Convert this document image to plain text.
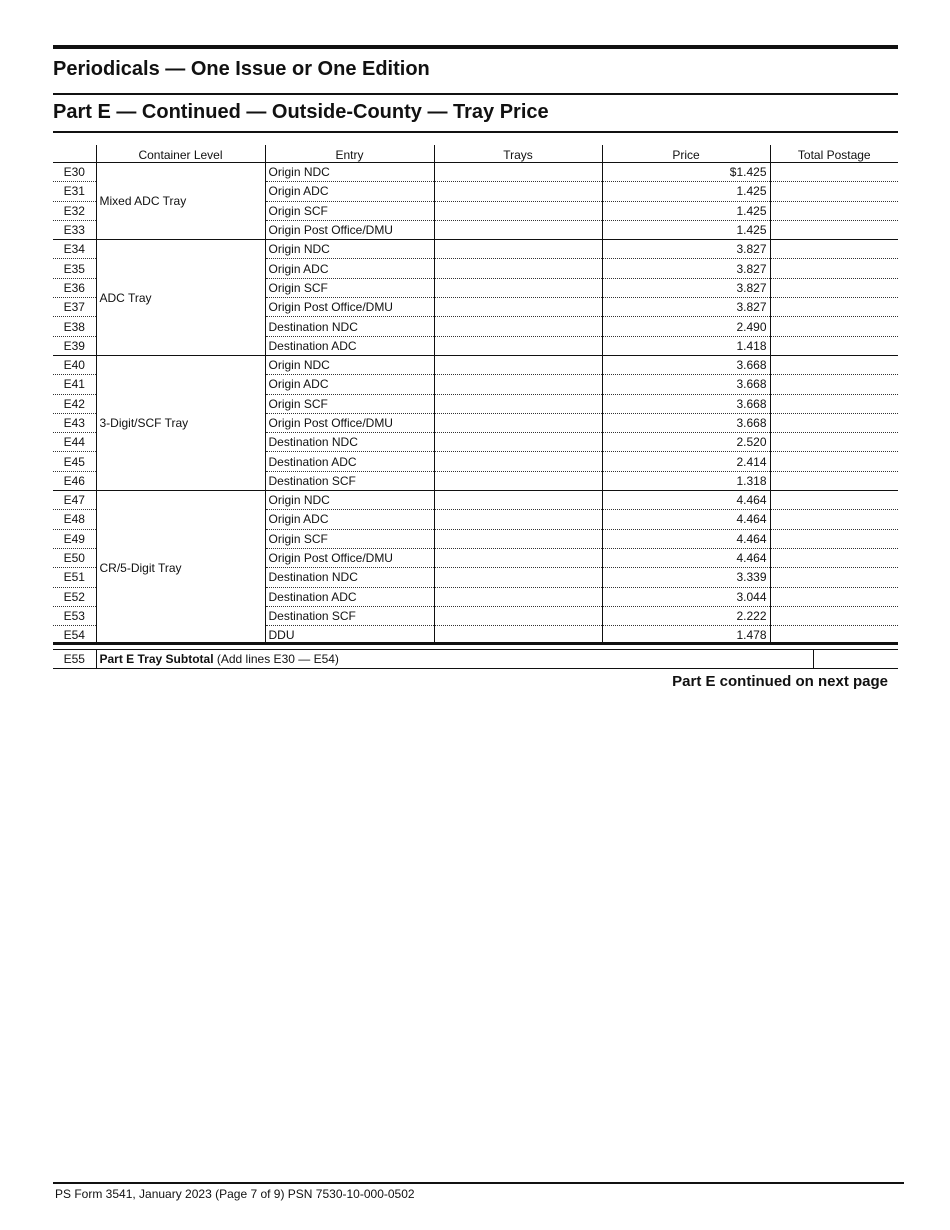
Periodicals — One Issue or One Edition
Part E — Continued — Outside-County — Tray Price
	Container Level	Entry	Trays	Price	Total Postage
E30	Mixed ADC Tray	Origin NDC		$1.425	
E31		Origin ADC		1.425	
E32		Origin SCF		1.425	
E33		Origin Post Office/DMU		1.425	
E34	ADC Tray	Origin NDC		3.827	
E35		Origin ADC		3.827	
E36		Origin SCF		3.827	
E37		Origin Post Office/DMU		3.827	
E38		Destination NDC		2.490	
E39		Destination ADC		1.418	
E40	3-Digit/SCF Tray	Origin NDC		3.668	
E41		Origin ADC		3.668	
E42		Origin SCF		3.668	
E43		Origin Post Office/DMU		3.668	
E44		Destination NDC		2.520	
E45		Destination ADC		2.414	
E46		Destination SCF		1.318	
E47	CR/5-Digit Tray	Origin NDC		4.464	
E48		Origin ADC		4.464	
E49		Origin SCF		4.464	
E50		Origin Post Office/DMU		4.464	
E51		Destination NDC		3.339	
E52		Destination ADC		3.044	
E53		Destination SCF		2.222	
E54		DDU		1.478	
E55	Part E Tray Subtotal (Add lines E30 — E54)	
Part E continued on next page
PS Form 3541, January 2023 (Page 7 of 9) PSN 7530-10-000-0502
